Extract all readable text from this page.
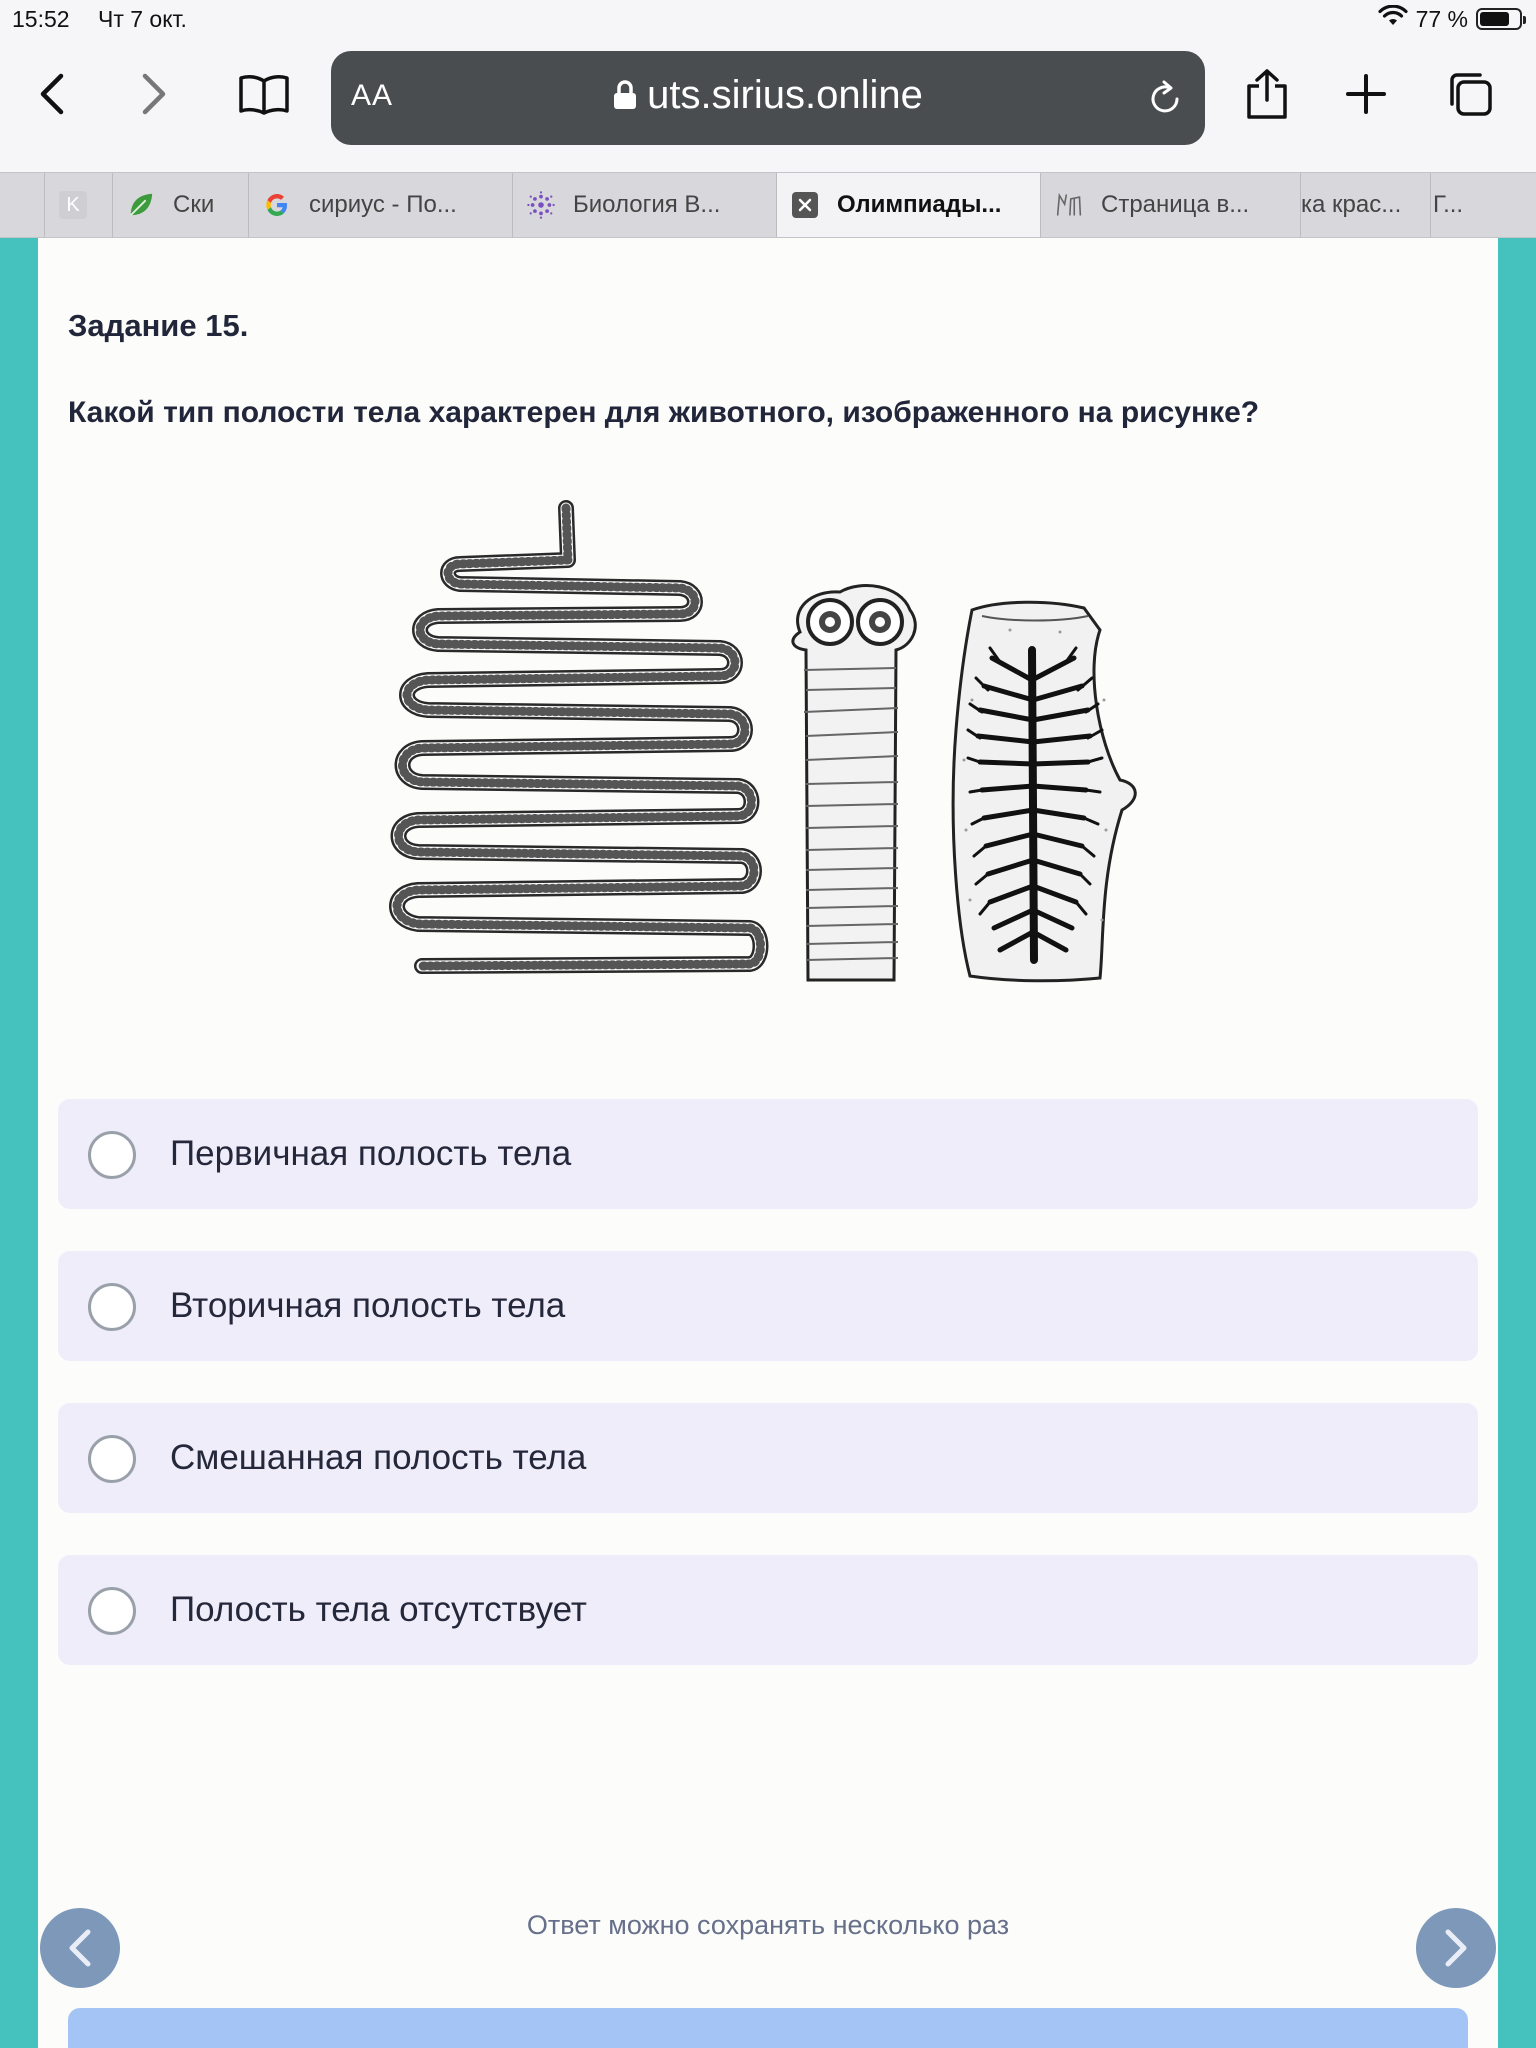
15:52 Чт 7 окт.	77 %
AA	uts.sirius.online
K	Ски	сириус - По...	Биология В...	Олимпиады...	Страница в... ка крас... Г...
Задание 15.
Какой тип полости тела характерен для животного, изображенного на рисунке?
Первичная полость тела
Вторичная полость тела
Смешанная полость тела
Полость тела отсутствует
Ответ можно сохранять несколько раз
